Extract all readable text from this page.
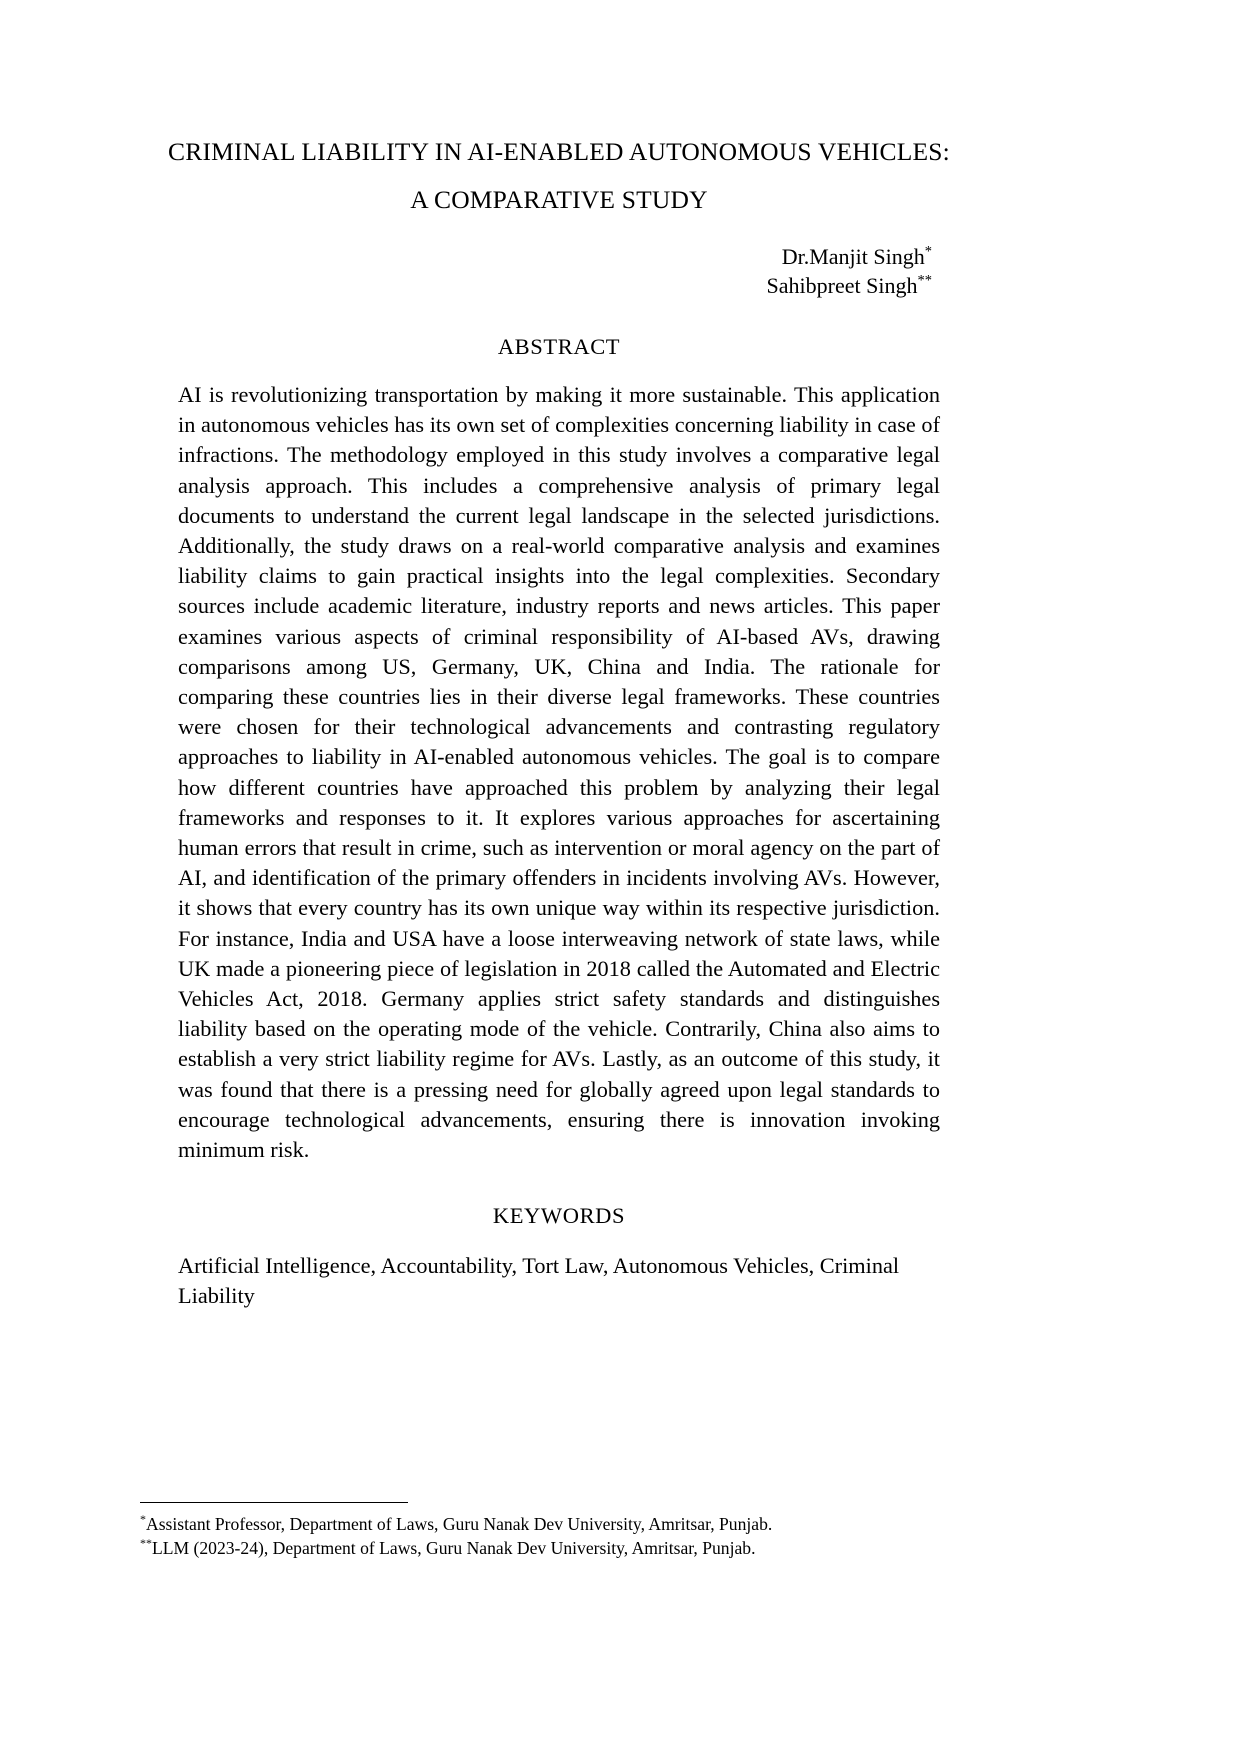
CRIMINAL LIABILITY IN AI-ENABLED AUTONOMOUS VEHICLES:
A COMPARATIVE STUDY
Dr.Manjit Singh*
Sahibpreet Singh**
ABSTRACT
AI is revolutionizing transportation by making it more sustainable. This application in autonomous vehicles has its own set of complexities concerning liability in case of infractions. The methodology employed in this study involves a comparative legal analysis approach. This includes a comprehensive analysis of primary legal documents to understand the current legal landscape in the selected jurisdictions. Additionally, the study draws on a real-world comparative analysis and examines liability claims to gain practical insights into the legal complexities. Secondary sources include academic literature, industry reports and news articles. This paper examines various aspects of criminal responsibility of AI-based AVs, drawing comparisons among US, Germany, UK, China and India. The rationale for comparing these countries lies in their diverse legal frameworks. These countries were chosen for their technological advancements and contrasting regulatory approaches to liability in AI-enabled autonomous vehicles. The goal is to compare how different countries have approached this problem by analyzing their legal frameworks and responses to it. It explores various approaches for ascertaining human errors that result in crime, such as intervention or moral agency on the part of AI, and identification of the primary offenders in incidents involving AVs. However, it shows that every country has its own unique way within its respective jurisdiction. For instance, India and USA have a loose interweaving network of state laws, while UK made a pioneering piece of legislation in 2018 called the Automated and Electric Vehicles Act, 2018. Germany applies strict safety standards and distinguishes liability based on the operating mode of the vehicle. Contrarily, China also aims to establish a very strict liability regime for AVs. Lastly, as an outcome of this study, it was found that there is a pressing need for globally agreed upon legal standards to encourage technological advancements, ensuring there is innovation invoking minimum risk.
KEYWORDS
Artificial Intelligence, Accountability, Tort Law, Autonomous Vehicles, Criminal Liability
*Assistant Professor, Department of Laws, Guru Nanak Dev University, Amritsar, Punjab.
**LLM (2023-24), Department of Laws, Guru Nanak Dev University, Amritsar, Punjab.
